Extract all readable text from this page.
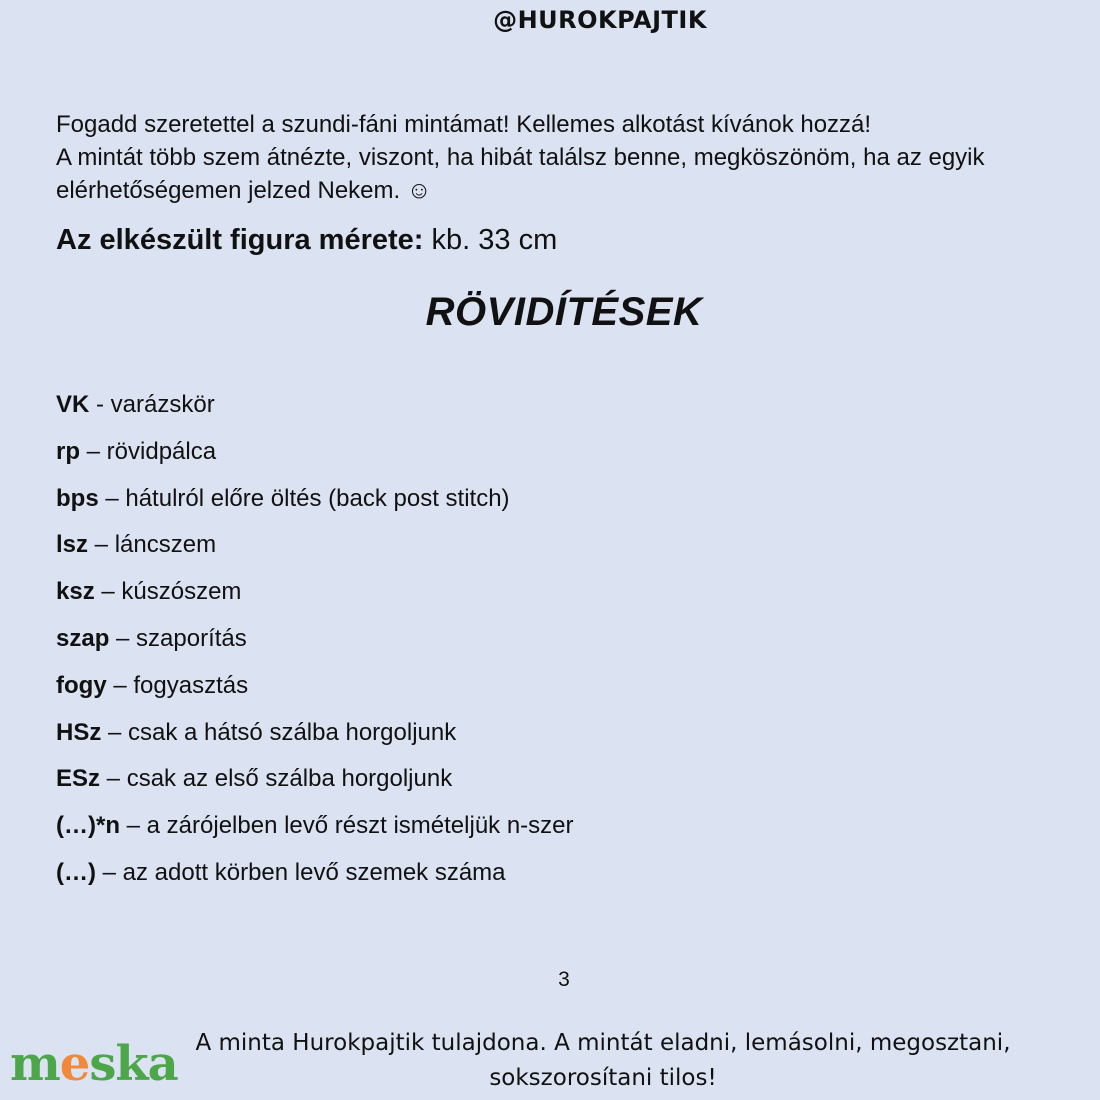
@HUROKPAJTIK

Fogadd szeretettel a szundi-fáni mintámat! Kellemes alkotást kívánok hozzá!

A mintát több szem átnézte, viszont, ha hibát találsz benne, megköszönöm, ha az egyik elérhetőségemen jelzed Nekem. ☺

Az elkészült figura mérete: kb. 33 cm
RÖVIDÍTÉSEK
VK - varázskör
rp – rövidpálca
bps – hátulról előre öltés (back post stitch)
lsz – láncszem
ksz – kúszószem
szap – szaporítás
fogy – fogyasztás
HSz – csak a hátsó szálba horgoljunk
ESz – csak az első szálba horgoljunk
(…)*n – a zárójelben levő részt ismételjük n-szer
(…) – az adott körben levő szemek száma
3
A minta Hurokpajtik tulajdona. A mintát eladni, lemásolni, megosztani,
sokszorosítani tilos!
meska
